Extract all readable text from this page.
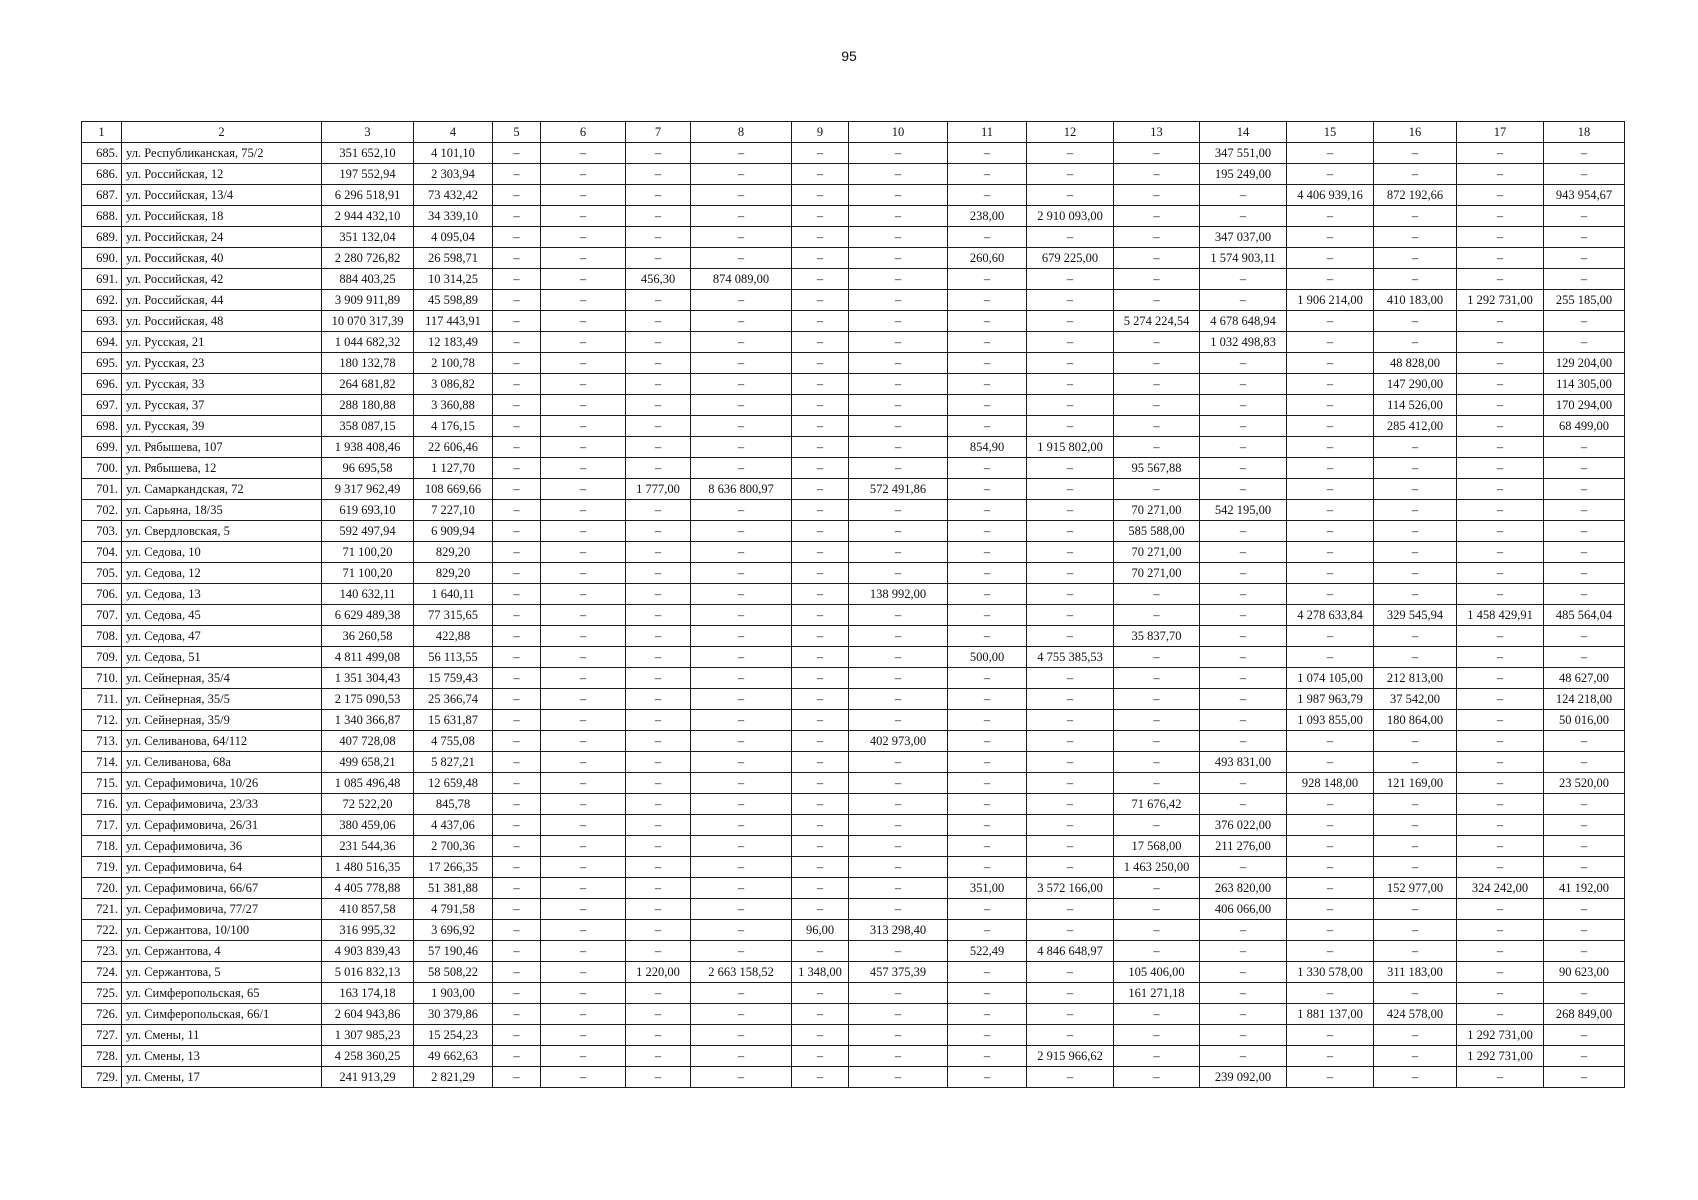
95
1	2	3	4	5	6	7	8	9	10	11	12	13	14	15	16	17	18
685.	ул. Республиканская, 75/2	351 652,10	4 101,10	–	–	–	–	–	–	–	–	–	347 551,00	–	–	–	–
686.	ул. Российская, 12	197 552,94	2 303,94	–	–	–	–	–	–	–	–	–	195 249,00	–	–	–	–
687.	ул. Российская, 13/4	6 296 518,91	73 432,42	–	–	–	–	–	–	–	–	–	–	4 406 939,16	872 192,66	–	943 954,67
688.	ул. Российская, 18	2 944 432,10	34 339,10	–	–	–	–	–	–	238,00	2 910 093,00	–	–	–	–	–	–
689.	ул. Российская, 24	351 132,04	4 095,04	–	–	–	–	–	–	–	–	–	347 037,00	–	–	–	–
690.	ул. Российская, 40	2 280 726,82	26 598,71	–	–	–	–	–	–	260,60	679 225,00	–	1 574 903,11	–	–	–	–
691.	ул. Российская, 42	884 403,25	10 314,25	–	–	456,30	874 089,00	–	–	–	–	–	–	–	–	–	–
692.	ул. Российская, 44	3 909 911,89	45 598,89	–	–	–	–	–	–	–	–	–	–	1 906 214,00	410 183,00	1 292 731,00	255 185,00
693.	ул. Российская, 48	10 070 317,39	117 443,91	–	–	–	–	–	–	–	–	5 274 224,54	4 678 648,94	–	–	–	–
694.	ул. Русская, 21	1 044 682,32	12 183,49	–	–	–	–	–	–	–	–	–	1 032 498,83	–	–	–	–
695.	ул. Русская, 23	180 132,78	2 100,78	–	–	–	–	–	–	–	–	–	–	–	48 828,00	–	129 204,00
696.	ул. Русская, 33	264 681,82	3 086,82	–	–	–	–	–	–	–	–	–	–	–	147 290,00	–	114 305,00
697.	ул. Русская, 37	288 180,88	3 360,88	–	–	–	–	–	–	–	–	–	–	–	114 526,00	–	170 294,00
698.	ул. Русская, 39	358 087,15	4 176,15	–	–	–	–	–	–	–	–	–	–	–	285 412,00	–	68 499,00
699.	ул. Рябышева, 107	1 938 408,46	22 606,46	–	–	–	–	–	–	854,90	1 915 802,00	–	–	–	–	–	–
700.	ул. Рябышева, 12	96 695,58	1 127,70	–	–	–	–	–	–	–	–	95 567,88	–	–	–	–	–
701.	ул. Самаркандская, 72	9 317 962,49	108 669,66	–	–	1 777,00	8 636 800,97	–	572 491,86	–	–	–	–	–	–	–	–
702.	ул. Сарьяна, 18/35	619 693,10	7 227,10	–	–	–	–	–	–	–	–	70 271,00	542 195,00	–	–	–	–
703.	ул. Свердловская, 5	592 497,94	6 909,94	–	–	–	–	–	–	–	–	585 588,00	–	–	–	–	–
704.	ул. Седова, 10	71 100,20	829,20	–	–	–	–	–	–	–	–	70 271,00	–	–	–	–	–
705.	ул. Седова, 12	71 100,20	829,20	–	–	–	–	–	–	–	–	70 271,00	–	–	–	–	–
706.	ул. Седова, 13	140 632,11	1 640,11	–	–	–	–	–	138 992,00	–	–	–	–	–	–	–	–
707.	ул. Седова, 45	6 629 489,38	77 315,65	–	–	–	–	–	–	–	–	–	–	4 278 633,84	329 545,94	1 458 429,91	485 564,04
708.	ул. Седова, 47	36 260,58	422,88	–	–	–	–	–	–	–	–	35 837,70	–	–	–	–	–
709.	ул. Седова, 51	4 811 499,08	56 113,55	–	–	–	–	–	–	500,00	4 755 385,53	–	–	–	–	–	–
710.	ул. Сейнерная, 35/4	1 351 304,43	15 759,43	–	–	–	–	–	–	–	–	–	–	1 074 105,00	212 813,00	–	48 627,00
711.	ул. Сейнерная, 35/5	2 175 090,53	25 366,74	–	–	–	–	–	–	–	–	–	–	1 987 963,79	37 542,00	–	124 218,00
712.	ул. Сейнерная, 35/9	1 340 366,87	15 631,87	–	–	–	–	–	–	–	–	–	–	1 093 855,00	180 864,00	–	50 016,00
713.	ул. Селиванова, 64/112	407 728,08	4 755,08	–	–	–	–	–	402 973,00	–	–	–	–	–	–	–	–
714.	ул. Селиванова, 68а	499 658,21	5 827,21	–	–	–	–	–	–	–	–	–	493 831,00	–	–	–	–
715.	ул. Серафимовича, 10/26	1 085 496,48	12 659,48	–	–	–	–	–	–	–	–	–	–	928 148,00	121 169,00	–	23 520,00
716.	ул. Серафимовича, 23/33	72 522,20	845,78	–	–	–	–	–	–	–	–	71 676,42	–	–	–	–	–
717.	ул. Серафимовича, 26/31	380 459,06	4 437,06	–	–	–	–	–	–	–	–	–	376 022,00	–	–	–	–
718.	ул. Серафимовича, 36	231 544,36	2 700,36	–	–	–	–	–	–	–	–	17 568,00	211 276,00	–	–	–	–
719.	ул. Серафимовича, 64	1 480 516,35	17 266,35	–	–	–	–	–	–	–	–	1 463 250,00	–	–	–	–	–
720.	ул. Серафимовича, 66/67	4 405 778,88	51 381,88	–	–	–	–	–	–	351,00	3 572 166,00	–	263 820,00	–	152 977,00	324 242,00	41 192,00
721.	ул. Серафимовича, 77/27	410 857,58	4 791,58	–	–	–	–	–	–	–	–	–	406 066,00	–	–	–	–
722.	ул. Сержантова, 10/100	316 995,32	3 696,92	–	–	–	–	96,00	313 298,40	–	–	–	–	–	–	–	–
723.	ул. Сержантова, 4	4 903 839,43	57 190,46	–	–	–	–	–	–	522,49	4 846 648,97	–	–	–	–	–	–
724.	ул. Сержантова, 5	5 016 832,13	58 508,22	–	–	1 220,00	2 663 158,52	1 348,00	457 375,39	–	–	105 406,00	–	1 330 578,00	311 183,00	–	90 623,00
725.	ул. Симферопольская, 65	163 174,18	1 903,00	–	–	–	–	–	–	–	–	161 271,18	–	–	–	–	–
726.	ул. Симферопольская, 66/1	2 604 943,86	30 379,86	–	–	–	–	–	–	–	–	–	–	1 881 137,00	424 578,00	–	268 849,00
727.	ул. Смены, 11	1 307 985,23	15 254,23	–	–	–	–	–	–	–	–	–	–	–	–	1 292 731,00	–
728.	ул. Смены, 13	4 258 360,25	49 662,63	–	–	–	–	–	–	–	2 915 966,62	–	–	–	–	1 292 731,00	–
729.	ул. Смены, 17	241 913,29	2 821,29	–	–	–	–	–	–	–	–	–	239 092,00	–	–	–	–
